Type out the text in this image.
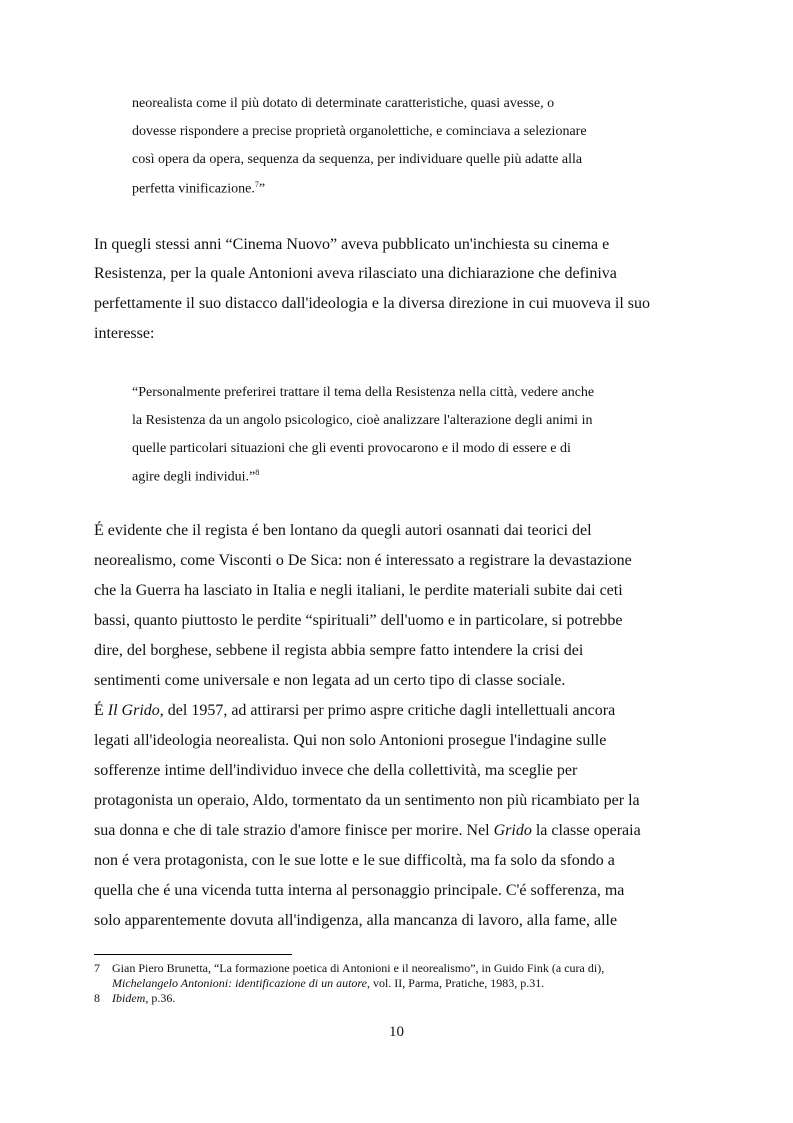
neorealista come il più dotato di determinate caratteristiche, quasi avesse, o
dovesse rispondere a precise proprietà organolettiche, e cominciava a selezionare
così opera da opera, sequenza da sequenza, per individuare quelle più adatte alla
perfetta vinificazione.$^7$”
In quegli stessi anni “Cinema Nuovo” aveva pubblicato un'inchiesta su cinema e
Resistenza, per la quale Antonioni aveva rilasciato una dichiarazione che definiva
perfettamente il suo distacco dall'ideologia e la diversa direzione in cui muoveva il suo
interesse:
“Personalmente preferirei trattare il tema della Resistenza nella città, vedere anche
la Resistenza da un angolo psicologico, cioè analizzare l'alterazione degli animi in
quelle particolari situazioni che gli eventi provocarono e il modo di essere e di
agire degli individui.”$^8$
É evidente che il regista é ben lontano da quegli autori osannati dai teorici del
neorealismo, come Visconti o De Sica: non é interessato a registrare la devastazione
che la Guerra ha lasciato in Italia e negli italiani, le perdite materiali subite dai ceti
bassi, quanto piuttosto le perdite “spirituali” dell'uomo e in particolare, si potrebbe
dire, del borghese, sebbene il regista abbia sempre fatto intendere la crisi dei
sentimenti come universale e non legata ad un certo tipo di classe sociale.
É Il Grido, del 1957, ad attirarsi per primo aspre critiche dagli intellettuali ancora
legati all'ideologia neorealista. Qui non solo Antonioni prosegue l'indagine sulle
sofferenze intime dell'individuo invece che della collettività, ma sceglie per
protagonista un operaio, Aldo, tormentato da un sentimento non più ricambiato per la
sua donna e che di tale strazio d'amore finisce per morire. Nel Grido la classe operaia
non é vera protagonista, con le sue lotte e le sue difficoltà, ma fa solo da sfondo a
quella che é una vicenda tutta interna al personaggio principale. C'é sofferenza, ma
solo apparentemente dovuta all'indigenza, alla mancanza di lavoro, alla fame, alle
7 Gian Piero Brunetta, “La formazione poetica di Antonioni e il neorealismo”, in Guido Fink (a cura di),
Michelangelo Antonioni: identificazione di un autore, vol. II, Parma, Pratiche, 1983, p.31.
8 Ibidem, p.36.
10
